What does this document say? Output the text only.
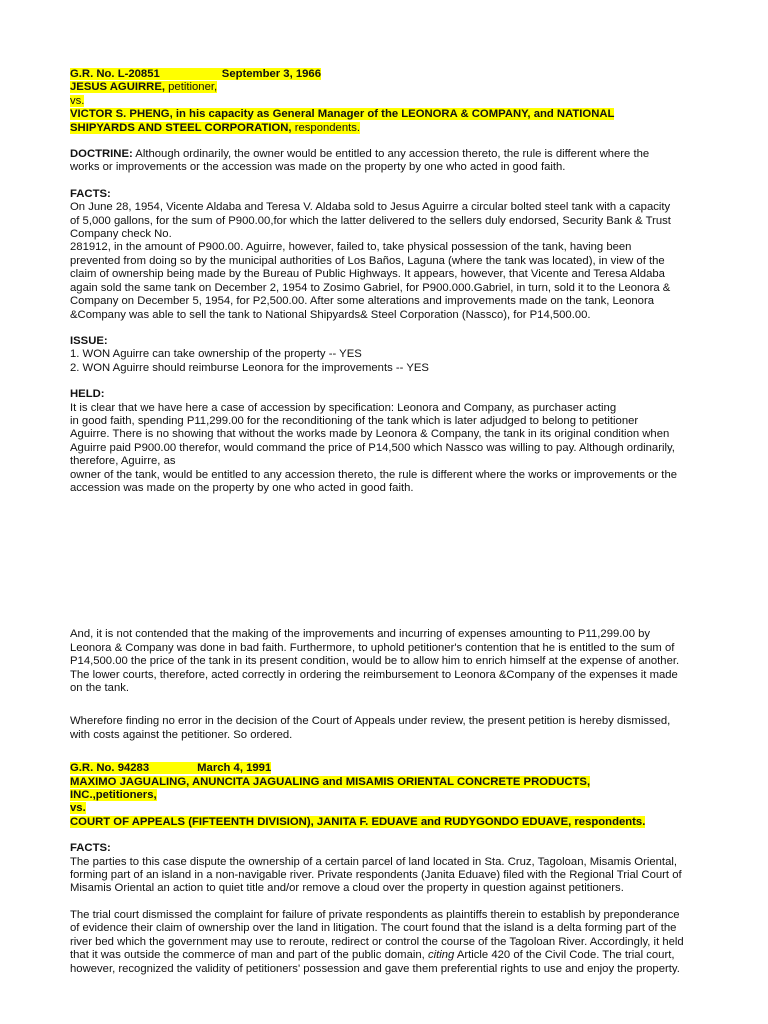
G.R. No. L-20851	September 3, 1966
JESUS AGUIRRE, petitioner,
vs.
VICTOR S. PHENG, in his capacity as General Manager of the LEONORA & COMPANY, and NATIONAL
SHIPYARDS AND STEEL CORPORATION, respondents.
DOCTRINE: Although ordinarily, the owner would be entitled to any accession thereto, the rule is different where the
works or improvements or the accession was made on the property by one who acted in good faith.
FACTS:
On June 28, 1954, Vicente Aldaba and Teresa V. Aldaba sold to Jesus Aguirre a circular bolted steel tank with a capacity
of 5,000 gallons, for the sum of P900.00,for which the latter delivered to the sellers duly endorsed, Security Bank & Trust
Company check No.
281912, in the amount of P900.00. Aguirre, however, failed to, take physical possession of the tank, having been
prevented from doing so by the municipal authorities of Los Baños, Laguna (where the tank was located), in view of the
claim of ownership being made by the Bureau of Public Highways. It appears, however, that Vicente and Teresa Aldaba
again sold the same tank on December 2, 1954 to Zosimo Gabriel, for P900.000.Gabriel, in turn, sold it to the Leonora &
Company on December 5, 1954, for P2,500.00. After some alterations and improvements made on the tank, Leonora
&Company was able to sell the tank to National Shipyards& Steel Corporation (Nassco), for P14,500.00.
ISSUE:
1. WON Aguirre can take ownership of the property -- YES
2. WON Aguirre should reimburse Leonora for the improvements -- YES
HELD:
It is clear that we have here a case of accession by specification: Leonora and Company, as purchaser acting
in good faith, spending P11,299.00 for the reconditioning of the tank which is later adjudged to belong to petitioner
Aguirre. There is no showing that without the works made by Leonora & Company, the tank in its original condition when
Aguirre paid P900.00 therefor, would command the price of P14,500 which Nassco was willing to pay. Although ordinarily,
therefore, Aguirre, as
owner of the tank, would be entitled to any accession thereto, the rule is different where the works or improvements or the
accession was made on the property by one who acted in good faith.
And, it is not contended that the making of the improvements and incurring of expenses amounting to P11,299.00 by
Leonora & Company was done in bad faith. Furthermore, to uphold petitioner's contention that he is entitled to the sum of
P14,500.00 the price of the tank in its present condition, would be to allow him to enrich himself at the expense of another.
The lower courts, therefore, acted correctly in ordering the reimbursement to Leonora &Company of the expenses it made
on the tank.
Wherefore finding no error in the decision of the Court of Appeals under review, the present petition is hereby dismissed,
with costs against the petitioner. So ordered.
G.R. No. 94283	March 4, 1991
MAXIMO JAGUALING, ANUNCITA JAGUALING and MISAMIS ORIENTAL CONCRETE PRODUCTS,
INC.,petitioners,
vs.
COURT OF APPEALS (FIFTEENTH DIVISION), JANITA F. EDUAVE and RUDYGONDO EDUAVE, respondents.
FACTS:
The parties to this case dispute the ownership of a certain parcel of land located in Sta. Cruz, Tagoloan, Misamis Oriental,
forming part of an island in a non-navigable river. Private respondents (Janita Eduave) filed with the Regional Trial Court of
Misamis Oriental an action to quiet title and/or remove a cloud over the property in question against petitioners.
The trial court dismissed the complaint for failure of private respondents as plaintiffs therein to establish by preponderance
of evidence their claim of ownership over the land in litigation. The court found that the island is a delta forming part of the
river bed which the government may use to reroute, redirect or control the course of the Tagoloan River. Accordingly, it held
that it was outside the commerce of man and part of the public domain, citing Article 420 of the Civil Code. The trial court,
however, recognized the validity of petitioners' possession and gave them preferential rights to use and enjoy the property.
